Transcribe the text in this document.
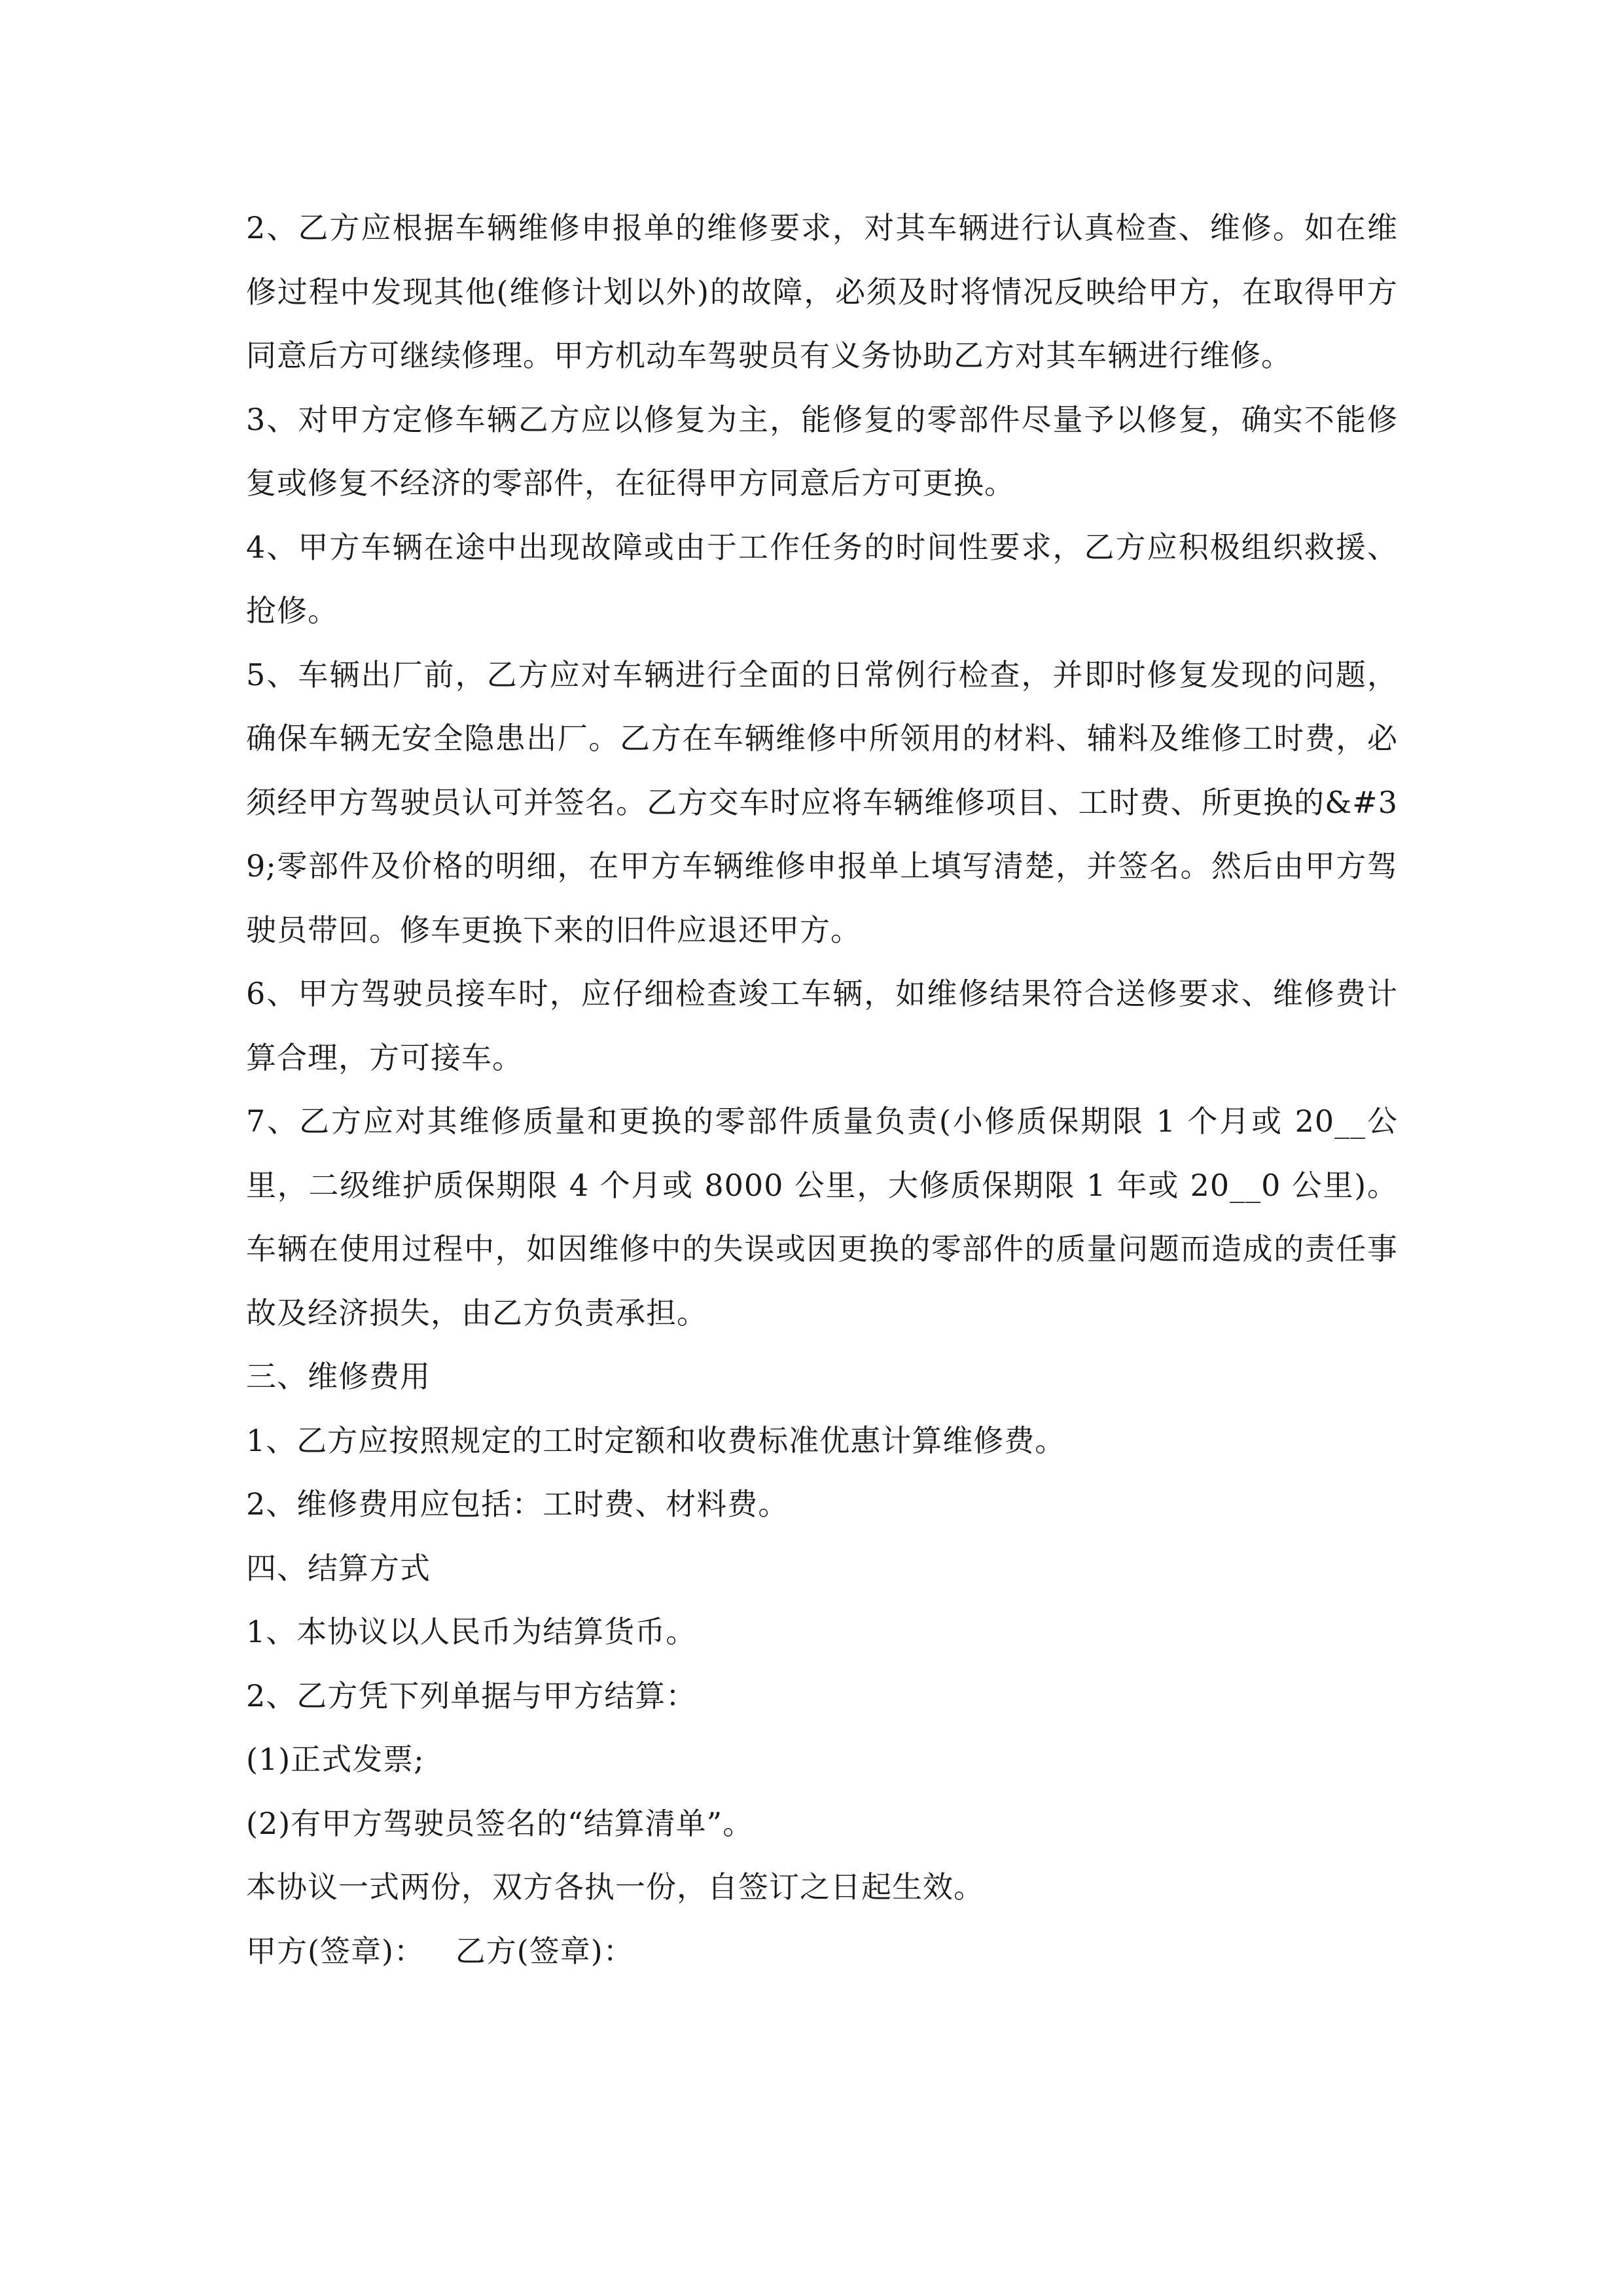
2、乙方应根据车辆维修申报单的维修要求，对其车辆进行认真检查、维修。如在维修过程中发现其他(维修计划以外)的故障，必须及时将情况反映给甲方，在取得甲方同意后方可继续修理。甲方机动车驾驶员有义务协助乙方对其车辆进行维修。

3、对甲方定修车辆乙方应以修复为主，能修复的零部件尽量予以修复，确实不能修复或修复不经济的零部件，在征得甲方同意后方可更换。

4、甲方车辆在途中出现故障或由于工作任务的时间性要求，乙方应积极组织救援、抢修。

5、车辆出厂前，乙方应对车辆进行全面的日常例行检查，并即时修复发现的问题，确保车辆无安全隐患出厂。乙方在车辆维修中所领用的材料、辅料及维修工时费，必须经甲方驾驶员认可并签名。乙方交车时应将车辆维修项目、工时费、所更换的&#39;零部件及价格的明细，在甲方车辆维修申报单上填写清楚，并签名。然后由甲方驾驶员带回。修车更换下来的旧件应退还甲方。

6、甲方驾驶员接车时，应仔细检查竣工车辆，如维修结果符合送修要求、维修费计算合理，方可接车。

7、乙方应对其维修质量和更换的零部件质量负责(小修质保期限 1 个月或 20__公里，二级维护质保期限 4 个月或 8000 公里，大修质保期限 1 年或 20__0 公里)。车辆在使用过程中，如因维修中的失误或因更换的零部件的质量问题而造成的责任事故及经济损失，由乙方负责承担。

三、维修费用

1、乙方应按照规定的工时定额和收费标准优惠计算维修费。

2、维修费用应包括：工时费、材料费。

四、结算方式

1、本协议以人民币为结算货币。

2、乙方凭下列单据与甲方结算：

(1)正式发票;

(2)有甲方驾驶员签名的“结算清单”。

本协议一式两份，双方各执一份，自签订之日起生效。

甲方(签章)：   乙方(签章)：
